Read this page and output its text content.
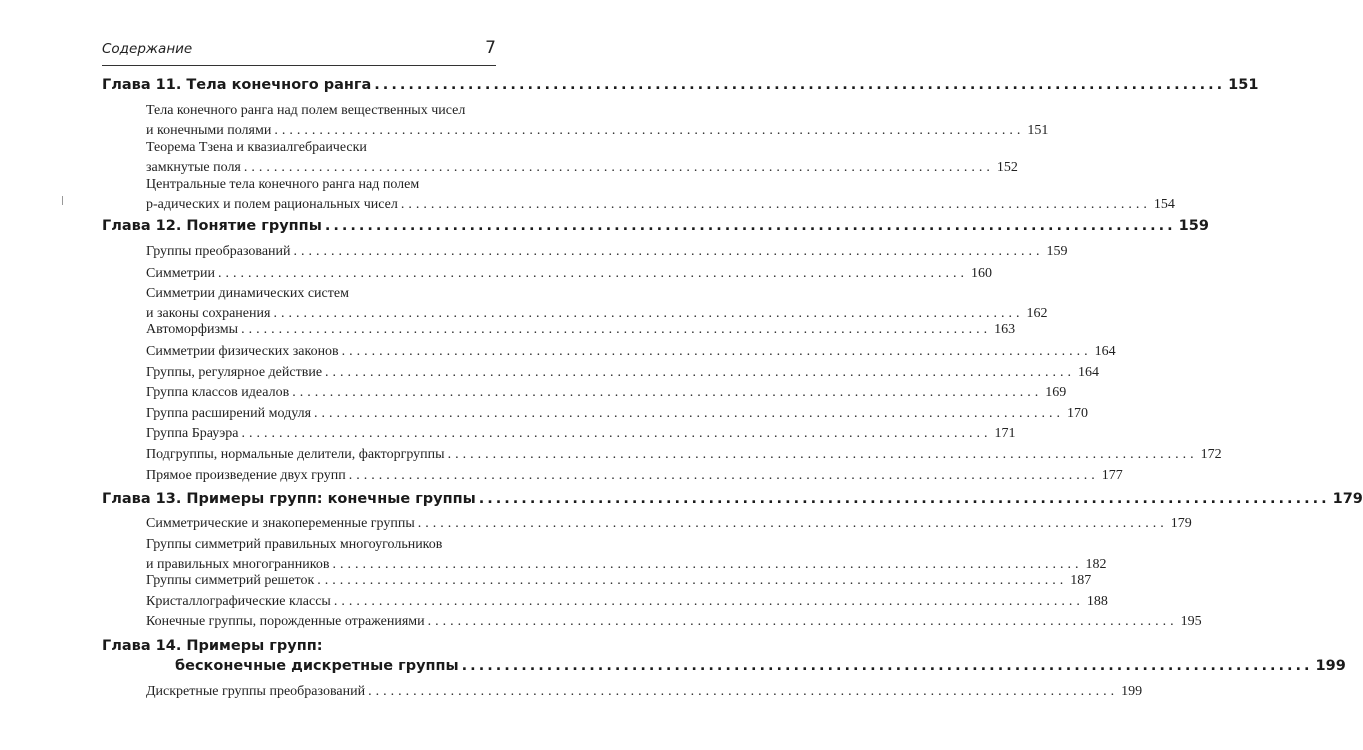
Содержание	7
Глава 11. Тела конечного ранга .................................................................................................... 151
Тела конечного ранга над полем вещественных чисел
и конечными полями .................................................................................................... 151
Теорема Тзена и квазиалгебраически
замкнутые поля .................................................................................................... 152
Центральные тела конечного ранга над полем
p-адических и полем рациональных чисел .................................................................................................... 154
Глава 12. Понятие группы .................................................................................................... 159
Группы преобразований .................................................................................................... 159
Симметрии .................................................................................................... 160
Симметрии динамических систем
и законы сохранения .................................................................................................... 162
Автоморфизмы .................................................................................................... 163
Симметрии физических законов .................................................................................................... 164
Группы, регулярное действие .................................................................................................... 164
Группа классов идеалов .................................................................................................... 169
Группа расширений модуля .................................................................................................... 170
Группа Брауэра .................................................................................................... 171
Подгруппы, нормальные делители, факторгруппы .................................................................................................... 172
Прямое произведение двух групп .................................................................................................... 177
Глава 13. Примеры групп: конечные группы .................................................................................................... 179
Симметрические и знакопеременные группы .................................................................................................... 179
Группы симметрий правильных многоугольников
и правильных многогранников .................................................................................................... 182
Группы симметрий решеток .................................................................................................... 187
Кристаллографические классы .................................................................................................... 188
Конечные группы, порожденные отражениями .................................................................................................... 195
Глава 14. Примеры групп:
бесконечные дискретные группы .................................................................................................... 199
Дискретные группы преобразований .................................................................................................... 199
